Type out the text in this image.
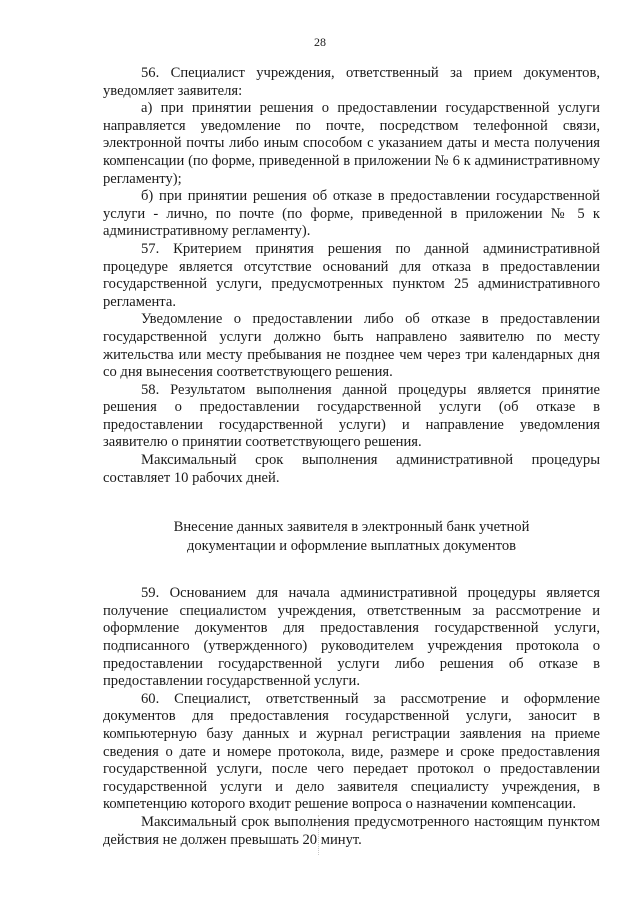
28

56. Специалист учреждения, ответственный за прием документов, уведомляет заявителя:

а) при принятии решения о предоставлении государственной услуги направляется уведомление по почте, посредством телефонной связи, электронной почты либо иным способом с указанием даты и места получения компенсации (по форме, приведенной в приложении № 6 к административному регламенту);

б) при принятии решения об отказе в предоставлении государственной услуги - лично, по почте (по форме, приведенной в приложении № 5 к административному регламенту).

57. Критерием принятия решения по данной административной процедуре является отсутствие оснований для отказа в предоставлении государственной услуги, предусмотренных пунктом 25 административного регламента.

Уведомление о предоставлении либо об отказе в предоставлении государственной услуги должно быть направлено заявителю по месту жительства или месту пребывания не позднее чем через три календарных дня со дня вынесения соответствующего решения.

58. Результатом выполнения данной процедуры является принятие решения о предоставлении государственной услуги (об отказе в предоставлении государственной услуги) и направление уведомления заявителю о принятии соответствующего решения.

Максимальный срок выполнения административной процедуры составляет 10 рабочих дней.

Внесение данных заявителя в электронный банк учетной
документации и оформление выплатных документов

59. Основанием для начала административной процедуры является получение специалистом учреждения, ответственным за рассмотрение и оформление документов для предоставления государственной услуги, подписанного (утвержденного) руководителем учреждения протокола о предоставлении государственной услуги либо решения об отказе в предоставлении государственной услуги.

60. Специалист, ответственный за рассмотрение и оформление документов для предоставления государственной услуги, заносит в компьютерную базу данных и журнал регистрации заявления на приеме сведения о дате и номере протокола, виде, размере и сроке предоставления государственной услуги, после чего передает протокол о предоставлении государственной услуги и дело заявителя специалисту учреждения, в компетенцию которого входит решение вопроса о назначении компенсации.

Максимальный срок выполнения предусмотренного настоящим пунктом действия не должен превышать 20 минут.
